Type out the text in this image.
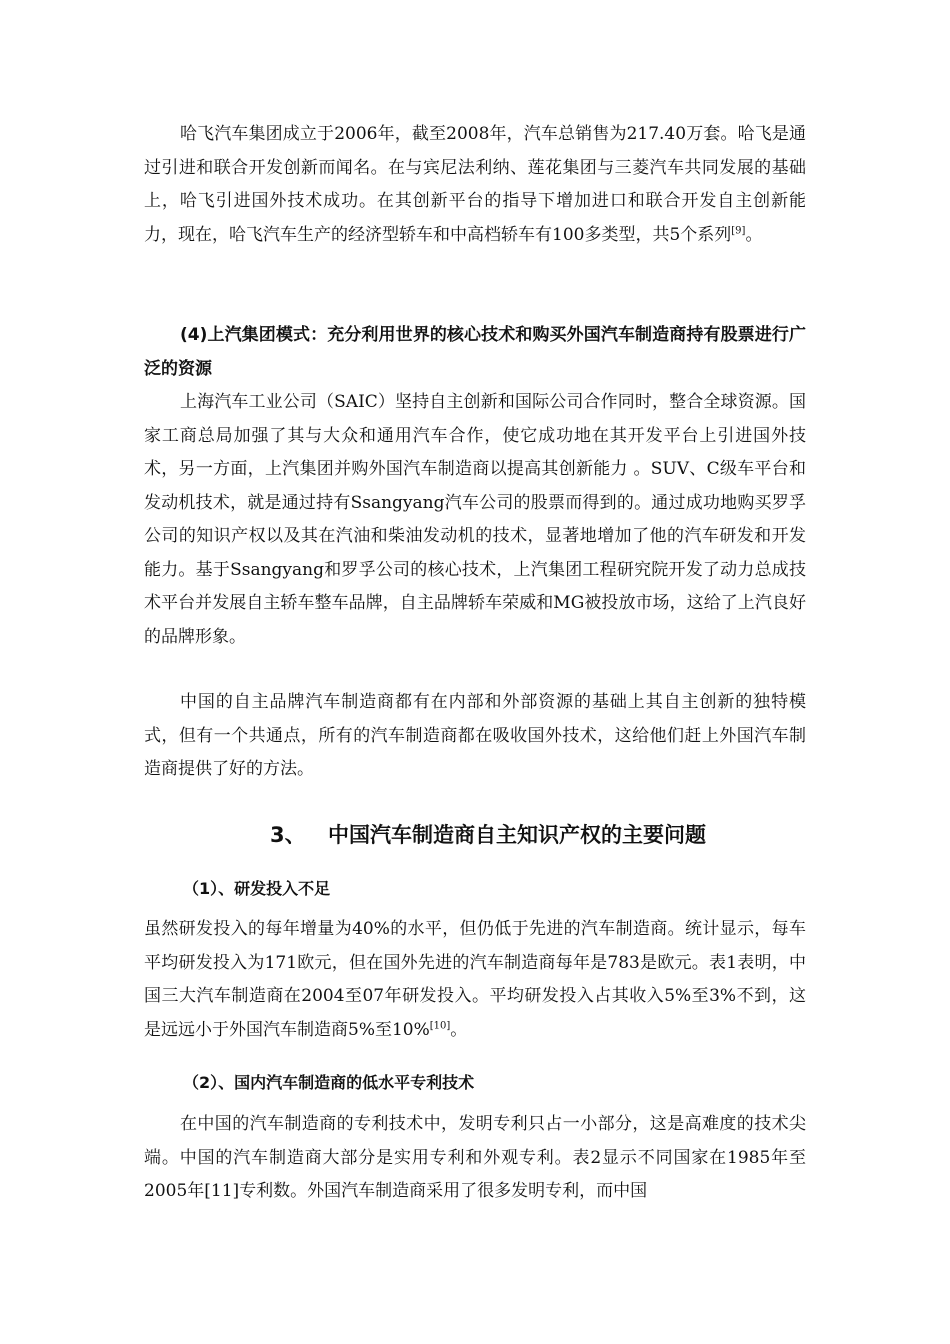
哈飞汽车集团成立于2006年，截至2008年，汽车总销售为217.40万套。哈飞是通过引进和联合开发创新而闻名。在与宾尼法利纳、莲花集团与三菱汽车共同发展的基础上，哈飞引进国外技术成功。在其创新平台的指导下增加进口和联合开发自主创新能力，现在，哈飞汽车生产的经济型轿车和中高档轿车有100多类型，共5个系列[9]。

(4)上汽集团模式：充分利用世界的核心技术和购买外国汽车制造商持有股票进行广泛的资源

上海汽车工业公司（SAIC）坚持自主创新和国际公司合作同时，整合全球资源。国家工商总局加强了其与大众和通用汽车合作，使它成功地在其开发平台上引进国外技术，另一方面，上汽集团并购外国汽车制造商以提高其创新能力 。SUV、C级车平台和发动机技术，就是通过持有Ssangyang汽车公司的股票而得到的。通过成功地购买罗孚公司的知识产权以及其在汽油和柴油发动机的技术，显著地增加了他的汽车研发和开发能力。基于Ssangyang和罗孚公司的核心技术，上汽集团工程研究院开发了动力总成技术平台并发展自主轿车整车品牌，自主品牌轿车荣威和MG被投放市场，这给了上汽良好的品牌形象。

中国的自主品牌汽车制造商都有在内部和外部资源的基础上其自主创新的独特模式，但有一个共通点，所有的汽车制造商都在吸收国外技术，这给他们赶上外国汽车制造商提供了好的方法。

3、 中国汽车制造商自主知识产权的主要问题
（1）、研发投入不足

虽然研发投入的每年增量为40%的水平，但仍低于先进的汽车制造商。统计显示，每车平均研发投入为171欧元，但在国外先进的汽车制造商每年是783是欧元。表1表明，中国三大汽车制造商在2004至07年研发投入。平均研发投入占其收入5%至3%不到，这是远远小于外国汽车制造商5%至10%[10]。

（2）、国内汽车制造商的低水平专利技术

在中国的汽车制造商的专利技术中，发明专利只占一小部分，这是高难度的技术尖端。中国的汽车制造商大部分是实用专利和外观专利。表2显示不同国家在1985年至2005年[11]专利数。外国汽车制造商采用了很多发明专利，而中国
